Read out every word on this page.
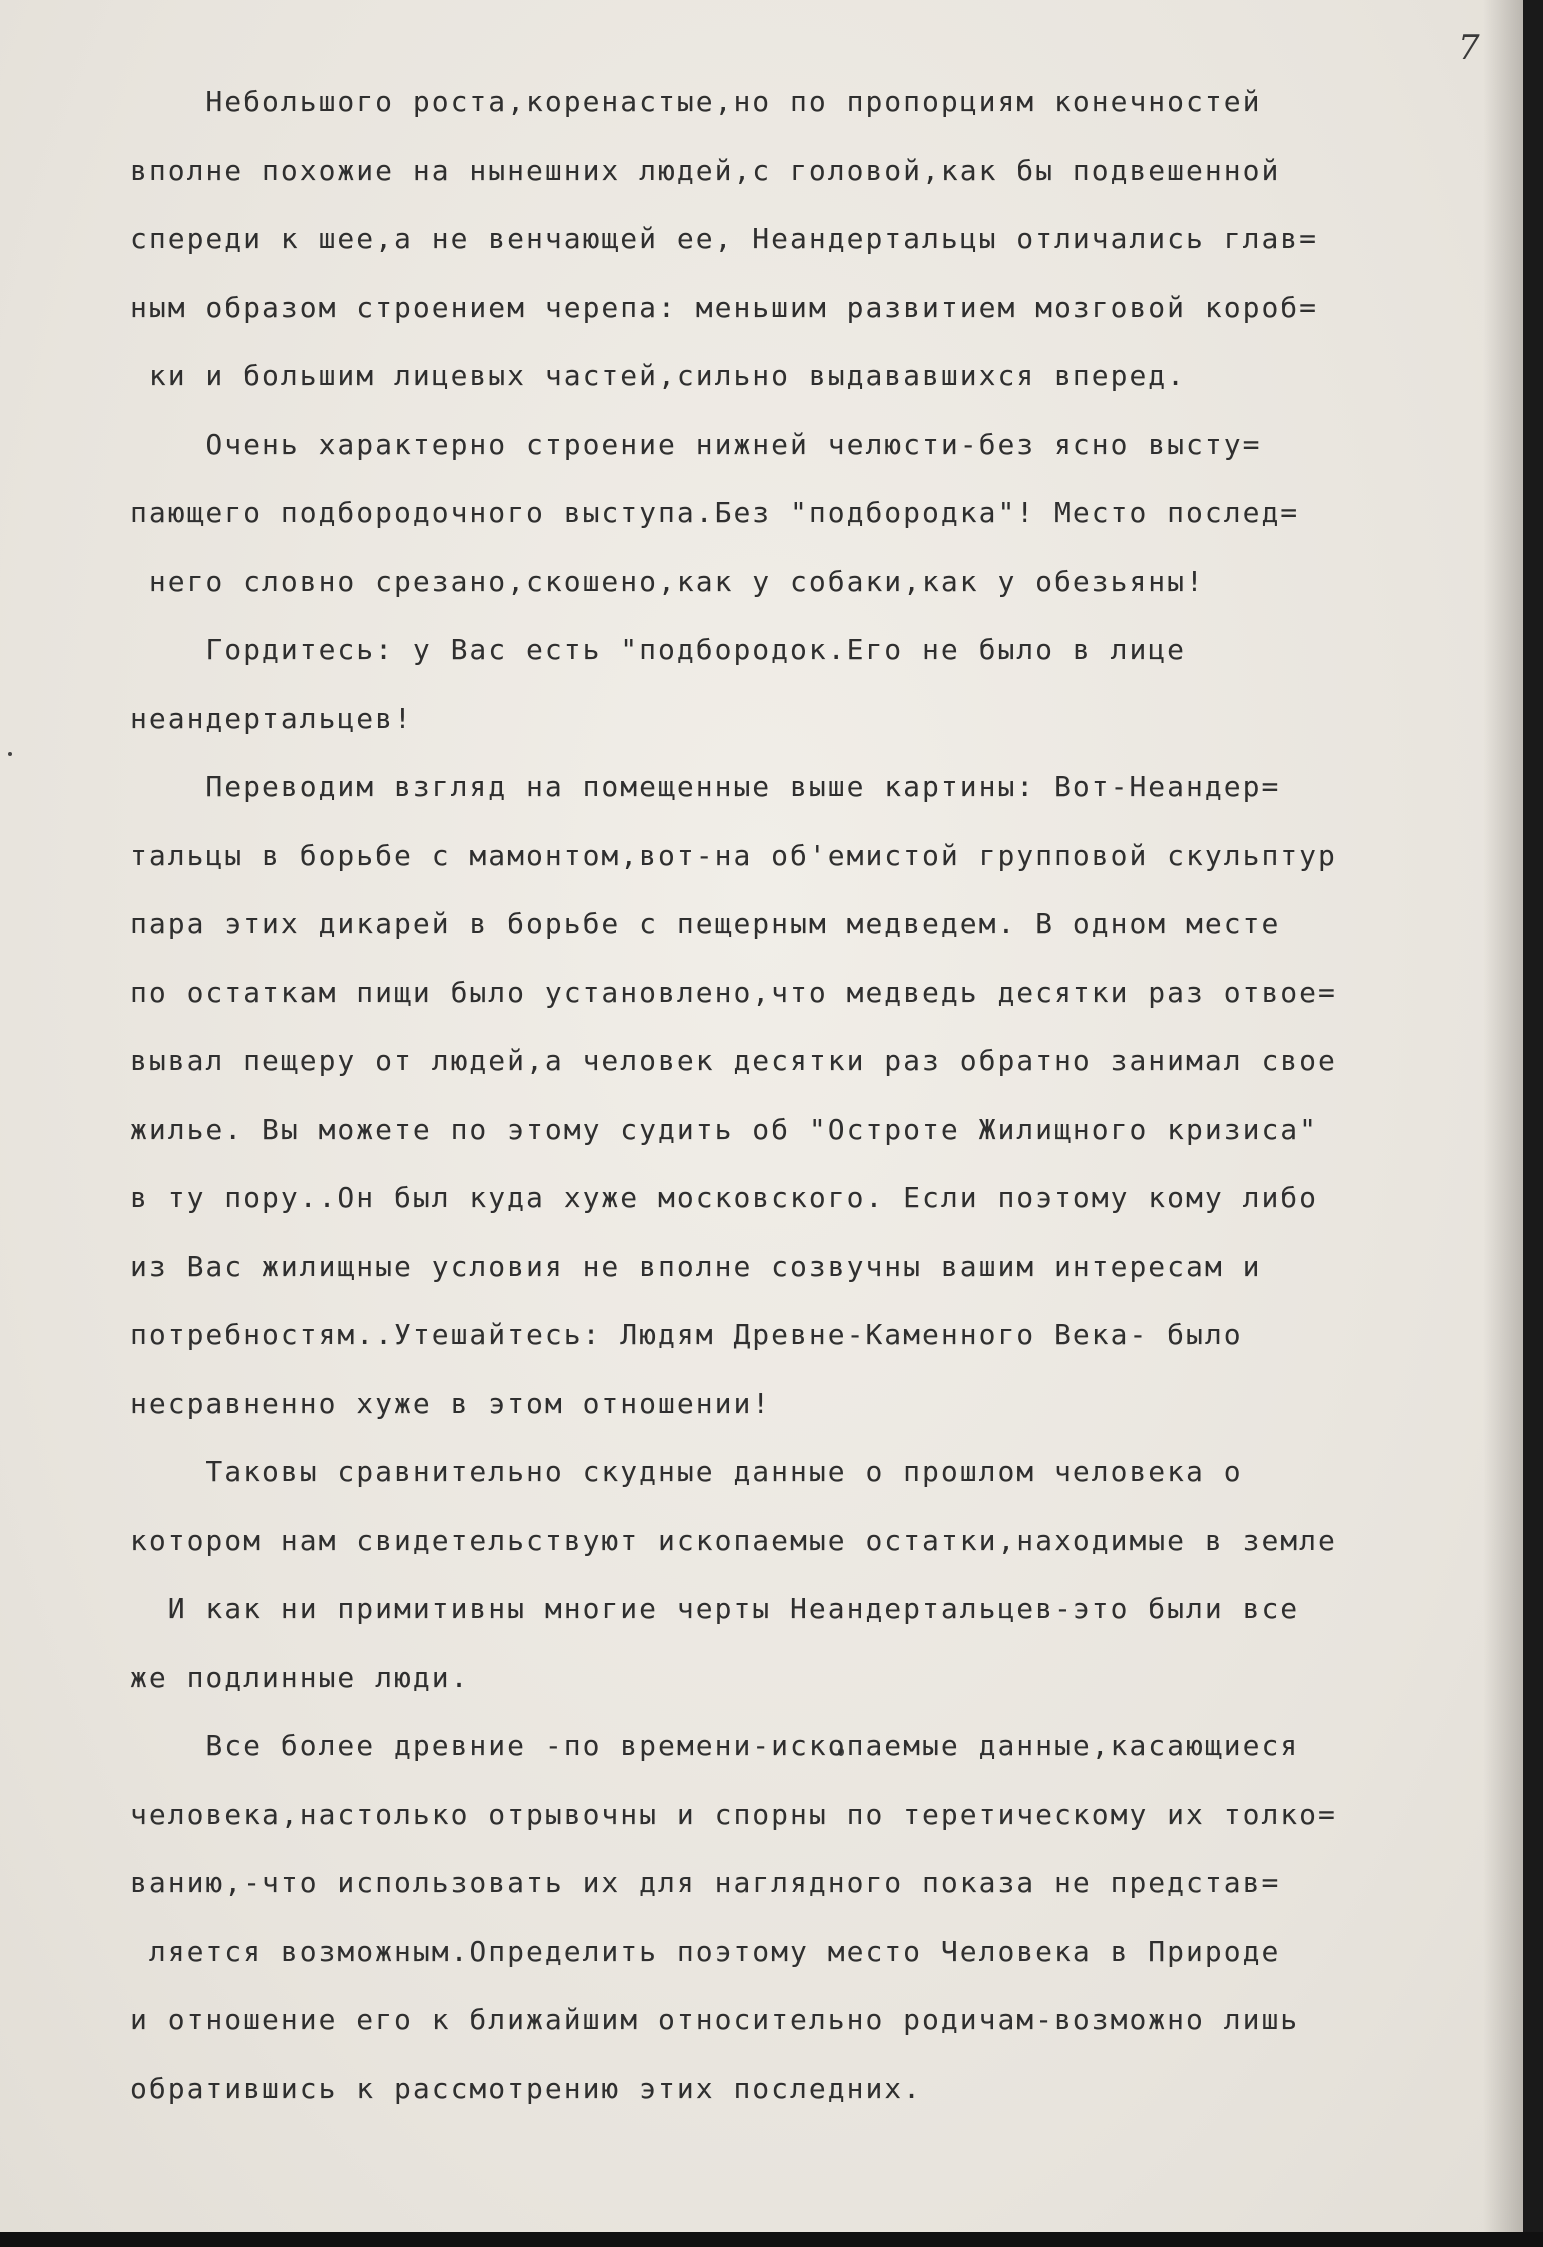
7
Небольшого роста,коренастые,но по пропорциям конечностей
вполне похожие на нынешних людей,с головой,как бы подвешенной
спереди к шее,а не венчающей ее, Неандертальцы отличались глав=
ным образом строением черепа: меньшим развитием мозговой короб=
ки и большим лицевых частей,сильно выдававшихся вперед.
Очень характерно строение нижней челюсти-без ясно высту=
пающего подбородочного выступа.Без "подбородка"! Место послед=
него словно срезано,скошено,как у собаки,как у обезьяны!
Гордитесь: у Вас есть "подбородок.Его не было в лице
неандертальцев!
Переводим взгляд на помещенные выше картины: Вот-Неандер=
тальцы в борьбе с мамонтом,вот-на об'емистой групповой скульптур
пара этих дикарей в борьбе с пещерным медведем. В одном месте
по остаткам пищи было установлено,что медведь десятки раз отвое=
вывал пещеру от людей,а человек десятки раз обратно занимал свое
жилье. Вы можете по этому судить об "Остроте Жилищного кризиса"
в ту пору..Он был куда хуже московского. Если поэтому кому либо
из Вас жилищные условия не вполне созвучны вашим интересам и
потребностям..Утешайтесь: Людям Древне-Каменного Века- было
несравненно хуже в этом отношении!
Таковы сравнительно скудные данные о прошлом человека о
котором нам свидетельствуют ископаемые остатки,находимые в земле
И как ни примитивны многие черты Неандертальцев-это были все
же подлинные люди.
Все более древние -по времени-ископаемые данные,касающиеся
человека,настолько отрывочны и спорны по теретическому их толко=
ванию,-что использовать их для наглядного показа не представ=
ляется возможным.Определить поэтому место Человека в Природе
и отношение его к ближайшим относительно родичам-возможно лишь
обратившись к рассмотрению этих последних.
